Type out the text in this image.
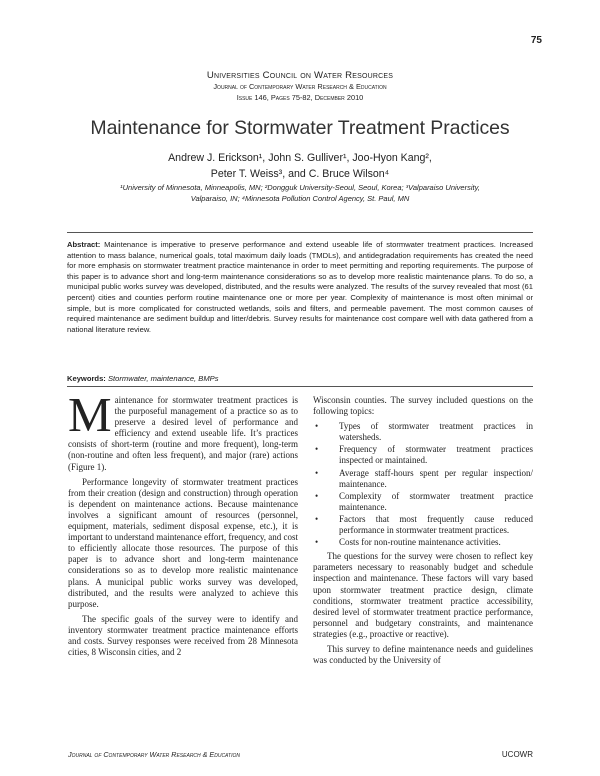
75
Universities Council on Water Resources
Journal of Contemporary Water Research & Education
Issue 146, Pages 75-82, December 2010
Maintenance for Stormwater Treatment Practices
Andrew J. Erickson¹, John S. Gulliver¹, Joo-Hyon Kang²,
Peter T. Weiss³, and C. Bruce Wilson⁴
¹University of Minnesota, Minneapolis, MN; ²Dongguk University-Seoul, Seoul, Korea; ³Valparaiso University,
Valparaiso, IN; ⁴Minnesota Pollution Control Agency, St. Paul, MN
Abstract: Maintenance is imperative to preserve performance and extend useable life of stormwater treatment practices. Increased attention to mass balance, numerical goals, total maximum daily loads (TMDLs), and antidegradation requirements has created the need for more emphasis on stormwater treatment practice maintenance in order to meet permitting and reporting requirements. The purpose of this paper is to advance short and long-term maintenance considerations so as to develop more realistic maintenance plans. To do so, a municipal public works survey was developed, distributed, and the results were analyzed. The results of the survey revealed that most (61 percent) cities and counties perform routine maintenance one or more per year. Complexity of maintenance is most often minimal or simple, but is more complicated for constructed wetlands, soils and filters, and permeable pavement. The most common causes of required maintenance are sediment buildup and litter/debris. Survey results for maintenance cost compare well with data gathered from a national literature review.
Keywords: Stormwater, maintenance, BMPs

Maintenance for stormwater treatment practices is the purposeful management of a practice so as to preserve a desired level of performance and efficiency and extend useable life. It’s practices consists of short-term (routine and more frequent), long-term (non-routine and often less frequent), and major (rare) actions (Figure 1).

Performance longevity of stormwater treatment practices from their creation (design and construction) through operation is dependent on maintenance actions. Because maintenance involves a significant amount of resources (personnel, equipment, materials, sediment disposal expense, etc.), it is important to understand maintenance effort, frequency, and cost to efficiently allocate those resources. The purpose of this paper is to advance short and long-term maintenance considerations so as to develop more realistic maintenance plans. A municipal public works survey was developed, distributed, and the results were analyzed to achieve this purpose.

The specific goals of the survey were to identify and inventory stormwater treatment practice maintenance efforts and costs. Survey responses were received from 28 Minnesota cities, 8 Wisconsin cities, and 2

Wisconsin counties. The survey included questions on the following topics:

• Types of stormwater treatment practices in watersheds.
• Frequency of stormwater treatment practices inspected or maintained.
• Average staff-hours spent per regular inspection/ maintenance.
• Complexity of stormwater treatment practice maintenance.
• Factors that most frequently cause reduced performance in stormwater treatment practices.
• Costs for non-routine maintenance activities.

The questions for the survey were chosen to reflect key parameters necessary to reasonably budget and schedule inspection and maintenance. These factors will vary based upon stormwater treatment practice design, climate conditions, stormwater treatment practice accessibility, desired level of stormwater treatment practice performance, personnel and budgetary constraints, and maintenance strategies (e.g., proactive or reactive).

This survey to define maintenance needs and guidelines was conducted by the University of

Journal of Contemporary Water Research & Education	UCOWR
